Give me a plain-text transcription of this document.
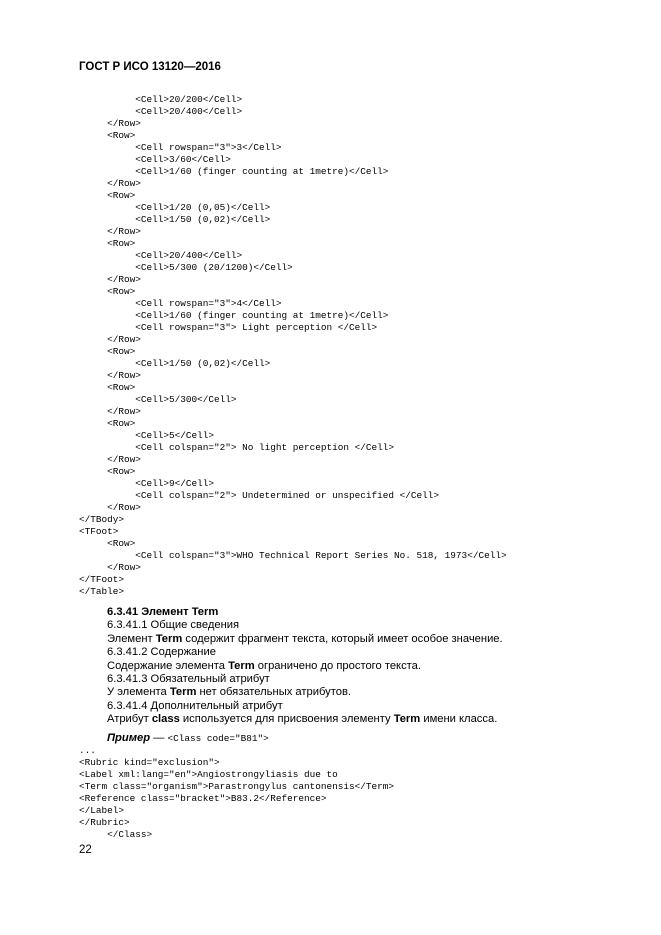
ГОСТ Р ИСО 13120—2016
<Cell>20/200</Cell>
<Cell>20/400</Cell>
</Row>
<Row>
<Cell rowspan="3">3</Cell>
<Cell>3/60</Cell>
<Cell>1/60 (finger counting at 1metre)</Cell>
</Row>
<Row>
<Cell>1/20 (0,05)</Cell>
<Cell>1/50 (0,02)</Cell>
</Row>
<Row>
<Cell>20/400</Cell>
<Cell>5/300 (20/1200)</Cell>
</Row>
<Row>
<Cell rowspan="3">4</Cell>
<Cell>1/60 (finger counting at 1metre)</Cell>
<Cell rowspan="3"> Light perception </Cell>
</Row>
<Row>
<Cell>1/50 (0,02)</Cell>
</Row>
<Row>
<Cell>5/300</Cell>
</Row>
<Row>
<Cell>5</Cell>
<Cell colspan="2"> No light perception </Cell>
</Row>
<Row>
<Cell>9</Cell>
<Cell colspan="2"> Undetermined or unspecified </Cell>
</Row>
</TBody>
<TFoot>
<Row>
<Cell colspan="3">WHO Technical Report Series No. 518, 1973</Cell>
</Row>
</TFoot>
</Table>
6.3.41 Элемент Term
6.3.41.1 Общие сведения
Элемент Term содержит фрагмент текста, который имеет особое значение.
6.3.41.2 Содержание
Содержание элемента Term ограничено до простого текста.
6.3.41.3 Обязательный атрибут
У элемента Term нет обязательных атрибутов.
6.3.41.4 Дополнительный атрибут
Атрибут class используется для присвоения элементу Term имени класса.
Пример — <Class code="B81">
...
<Rubric kind="exclusion">
<Label xml:lang="en">Angiostrongyliasis due to
<Term class="organism">Parastrongylus cantonensis</Term>
<Reference class="bracket">B83.2</Reference>
</Label>
</Rubric>
</Class>
22
